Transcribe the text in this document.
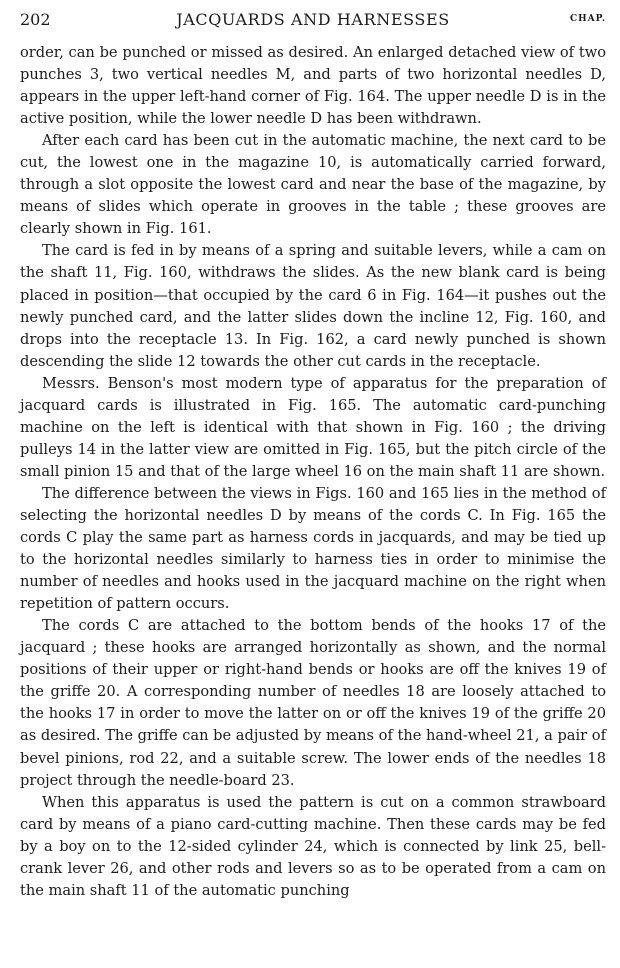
202	JACQUARDS AND HARNESSES	CHAP.

order, can be punched or missed as desired. An enlarged detached view of two punches 3, two vertical needles M, and parts of two horizontal needles D, appears in the upper left-hand corner of Fig. 164. The upper needle D is in the active position, while the lower needle D has been withdrawn.

After each card has been cut in the automatic machine, the next card to be cut, the lowest one in the magazine 10, is automatically carried forward, through a slot opposite the lowest card and near the base of the magazine, by means of slides which operate in grooves in the table ; these grooves are clearly shown in Fig. 161.

The card is fed in by means of a spring and suitable levers, while a cam on the shaft 11, Fig. 160, withdraws the slides. As the new blank card is being placed in position—that occupied by the card 6 in Fig. 164—it pushes out the newly punched card, and the latter slides down the incline 12, Fig. 160, and drops into the receptacle 13. In Fig. 162, a card newly punched is shown descending the slide 12 towards the other cut cards in the receptacle.

Messrs. Benson's most modern type of apparatus for the preparation of jacquard cards is illustrated in Fig. 165. The automatic card-punching machine on the left is identical with that shown in Fig. 160 ; the driving pulleys 14 in the latter view are omitted in Fig. 165, but the pitch circle of the small pinion 15 and that of the large wheel 16 on the main shaft 11 are shown.

The difference between the views in Figs. 160 and 165 lies in the method of selecting the horizontal needles D by means of the cords C. In Fig. 165 the cords C play the same part as harness cords in jacquards, and may be tied up to the horizontal needles similarly to harness ties in order to minimise the number of needles and hooks used in the jacquard machine on the right when repetition of pattern occurs.

The cords C are attached to the bottom bends of the hooks 17 of the jacquard ; these hooks are arranged horizontally as shown, and the normal positions of their upper or right-hand bends or hooks are off the knives 19 of the griffe 20. A corresponding number of needles 18 are loosely attached to the hooks 17 in order to move the latter on or off the knives 19 of the griffe 20 as desired. The griffe can be adjusted by means of the hand-wheel 21, a pair of bevel pinions, rod 22, and a suitable screw. The lower ends of the needles 18 project through the needle-board 23.

When this apparatus is used the pattern is cut on a common strawboard card by means of a piano card-cutting machine. Then these cards may be fed by a boy on to the 12-sided cylinder 24, which is connected by link 25, bell-crank lever 26, and other rods and levers so as to be operated from a cam on the main shaft 11 of the automatic punching
